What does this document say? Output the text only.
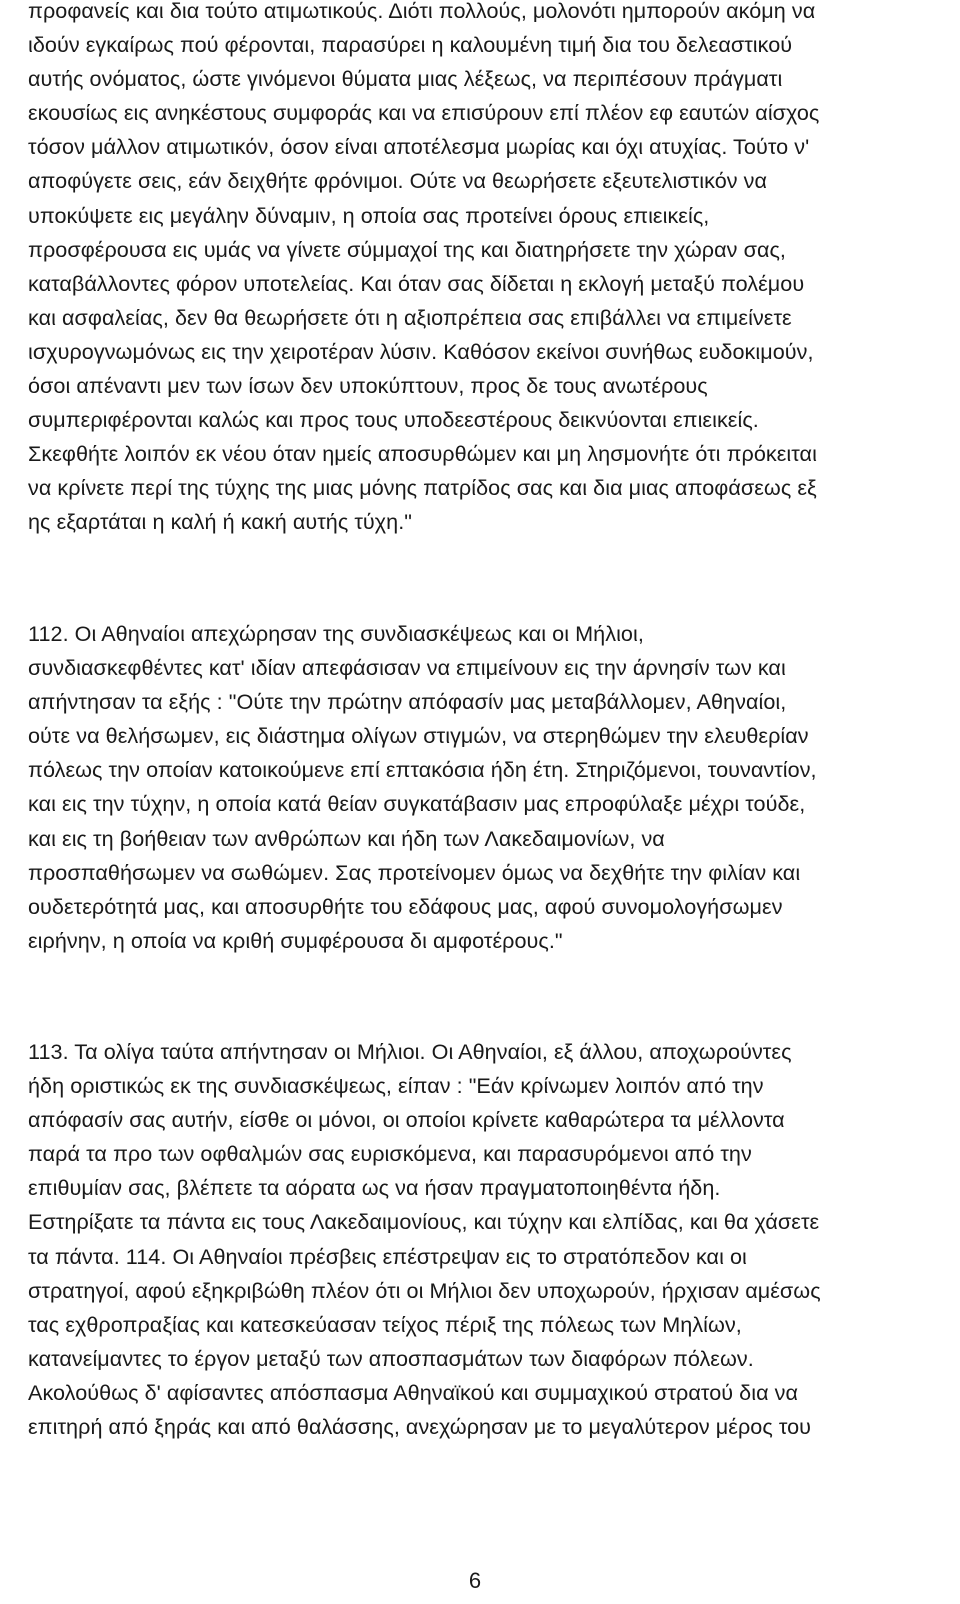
προφανείς και δια τούτο ατιμωτικούς. Διότι πολλούς, μολονότι ημπορούν ακόμη να
ιδούν εγκαίρως πού φέρονται, παρασύρει η καλουμένη τιμή δια του δελεαστικού
αυτής ονόματος, ώστε γινόμενοι θύματα μιας λέξεως, να περιπέσουν πράγματι
εκουσίως εις ανηκέστους συμφοράς και να επισύρουν επί πλέον εφ εαυτών αίσχος
τόσον μάλλον ατιμωτικόν, όσον είναι αποτέλεσμα μωρίας και όχι ατυχίας. Τούτο ν'
αποφύγετε σεις, εάν δειχθήτε φρόνιμοι. Ούτε να θεωρήσετε εξευτελιστικόν να
υποκύψετε εις μεγάλην δύναμιν, η οποία σας προτείνει όρους επιεικείς,
προσφέρουσα εις υμάς να γίνετε σύμμαχοί της και διατηρήσετε την χώραν σας,
καταβάλλοντες φόρον υποτελείας. Και όταν σας δίδεται η εκλογή μεταξύ πολέμου
και ασφαλείας, δεν θα θεωρήσετε ότι η αξιοπρέπεια σας επιβάλλει να επιμείνετε
ισχυρογνωμόνως εις την χειροτέραν λύσιν. Καθόσον εκείνοι συνήθως ευδοκιμούν,
όσοι απέναντι μεν των ίσων δεν υποκύπτουν, προς δε τους ανωτέρους
συμπεριφέρονται καλώς και προς τους υποδεεστέρους δεικνύονται επιεικείς.
Σκεφθήτε λοιπόν εκ νέου όταν ημείς αποσυρθώμεν και μη λησμονήτε ότι πρόκειται
να κρίνετε περί της τύχης της μιας μόνης πατρίδος σας και δια μιας αποφάσεως εξ
ης εξαρτάται η καλή ή κακή αυτής τύχη."
112. Οι Αθηναίοι απεχώρησαν της συνδιασκέψεως και οι Μήλιοι,
συνδιασκεφθέντες κατ' ιδίαν απεφάσισαν να επιμείνουν εις την άρνησίν των και
απήντησαν τα εξής : "Ούτε την πρώτην απόφασίν μας μεταβάλλομεν, Αθηναίοι,
ούτε να θελήσωμεν, εις διάστημα ολίγων στιγμών, να στερηθώμεν την ελευθερίαν
πόλεως την οποίαν κατοικούμενε επί επτακόσια ήδη έτη. Στηριζόμενοι, τουναντίον,
και εις την τύχην, η οποία κατά θείαν συγκατάβασιν μας επροφύλαξε μέχρι τούδε,
και εις τη βοήθειαν των ανθρώπων και ήδη των Λακεδαιμονίων, να
προσπαθήσωμεν να σωθώμεν. Σας προτείνομεν όμως να δεχθήτε την φιλίαν και
ουδετερότητά μας, και αποσυρθήτε του εδάφους μας, αφού συνομολογήσωμεν
ειρήνην, η οποία να κριθή συμφέρουσα δι αμφοτέρους."
113. Τα ολίγα ταύτα απήντησαν οι Μήλιοι. Οι Αθηναίοι, εξ άλλου, αποχωρούντες
ήδη οριστικώς εκ της συνδιασκέψεως, είπαν : "Εάν κρίνωμεν λοιπόν από την
απόφασίν σας αυτήν, είσθε οι μόνοι, οι οποίοι κρίνετε καθαρώτερα τα μέλλοντα
παρά τα προ των οφθαλμών σας ευρισκόμενα, και παρασυρόμενοι από την
επιθυμίαν σας, βλέπετε τα αόρατα ως να ήσαν πραγματοποιηθέντα ήδη.
Εστηρίξατε τα πάντα εις τους Λακεδαιμονίους, και τύχην και ελπίδας, και θα χάσετε
τα πάντα. 114. Οι Αθηναίοι πρέσβεις επέστρεψαν εις το στρατόπεδον και οι
στρατηγοί, αφού εξηκριβώθη πλέον ότι οι Μήλιοι δεν υποχωρούν, ήρχισαν αμέσως
τας εχθροπραξίας και κατεσκεύασαν τείχος πέριξ της πόλεως των Μηλίων,
κατανείμαντες το έργον μεταξύ των αποσπασμάτων των διαφόρων πόλεων.
Ακολούθως δ' αφίσαντες απόσπασμα Αθηναϊκού και συμμαχικού στρατού δια να
επιτηρή από ξηράς και από θαλάσσης, ανεχώρησαν με το μεγαλύτερον μέρος του
6
